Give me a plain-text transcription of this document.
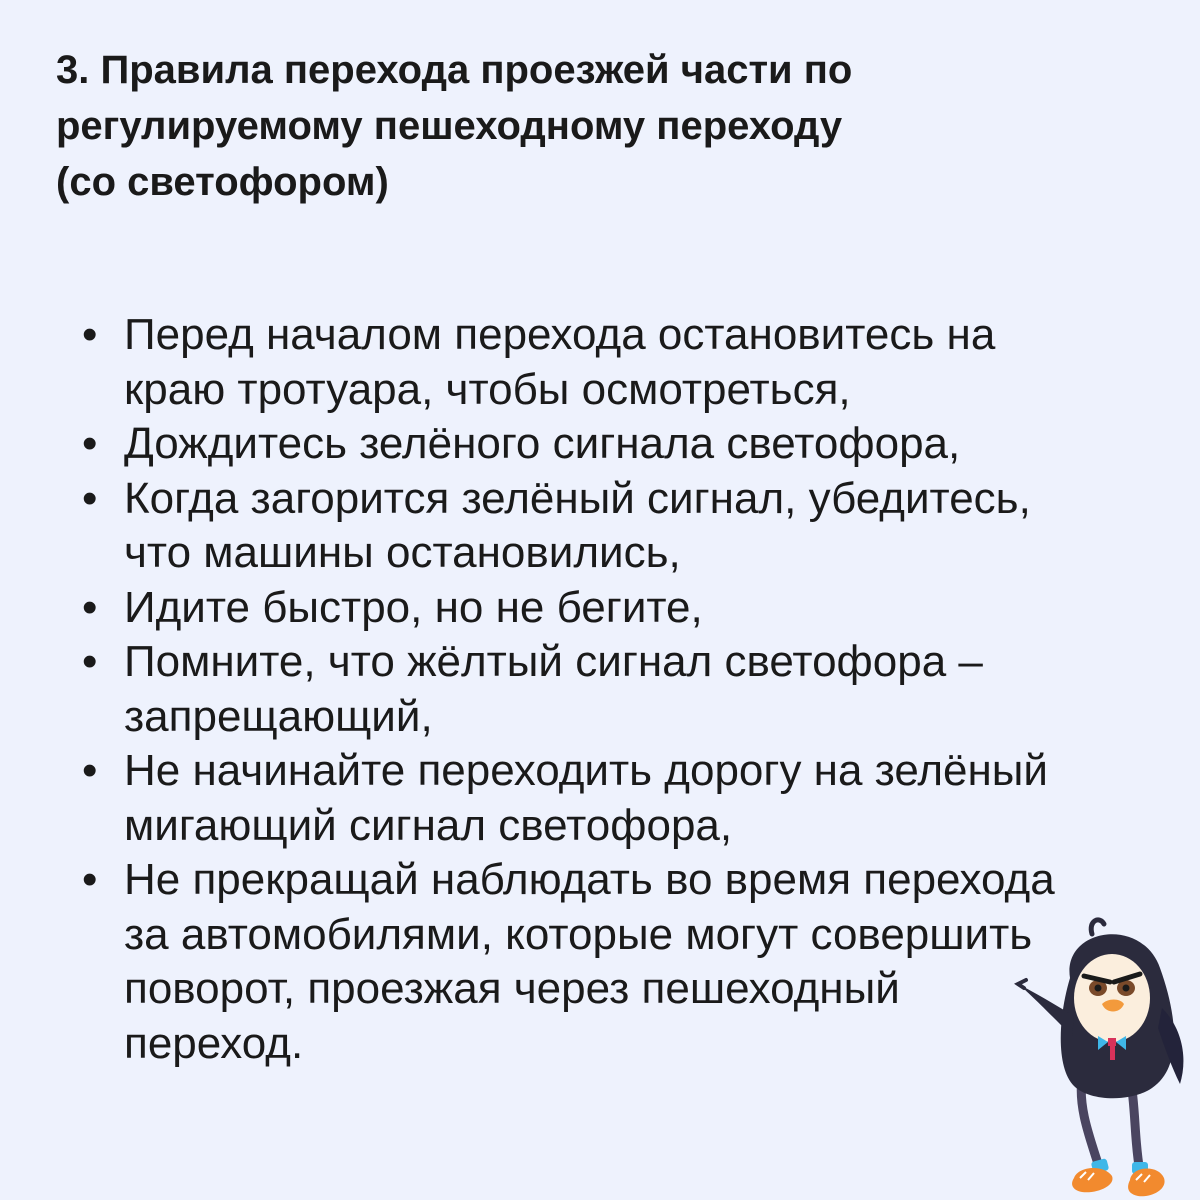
3. Правила перехода проезжей части по
регулируемому пешеходному переходу
(со светофором)
• Перед началом перехода остановитесь на
краю тротуара, чтобы осмотреться,
• Дождитесь зелёного сигнала светофора,
• Когда загорится зелёный сигнал, убедитесь,
что машины остановились,
• Идите быстро, но не бегите,
• Помните, что жёлтый сигнал светофора –
запрещающий,
• Не начинайте переходить дорогу на зелёный
мигающий сигнал светофора,
• Не прекращай наблюдать во время перехода
за автомобилями, которые могут совершить
поворот, проезжая через пешеходный
переход.
